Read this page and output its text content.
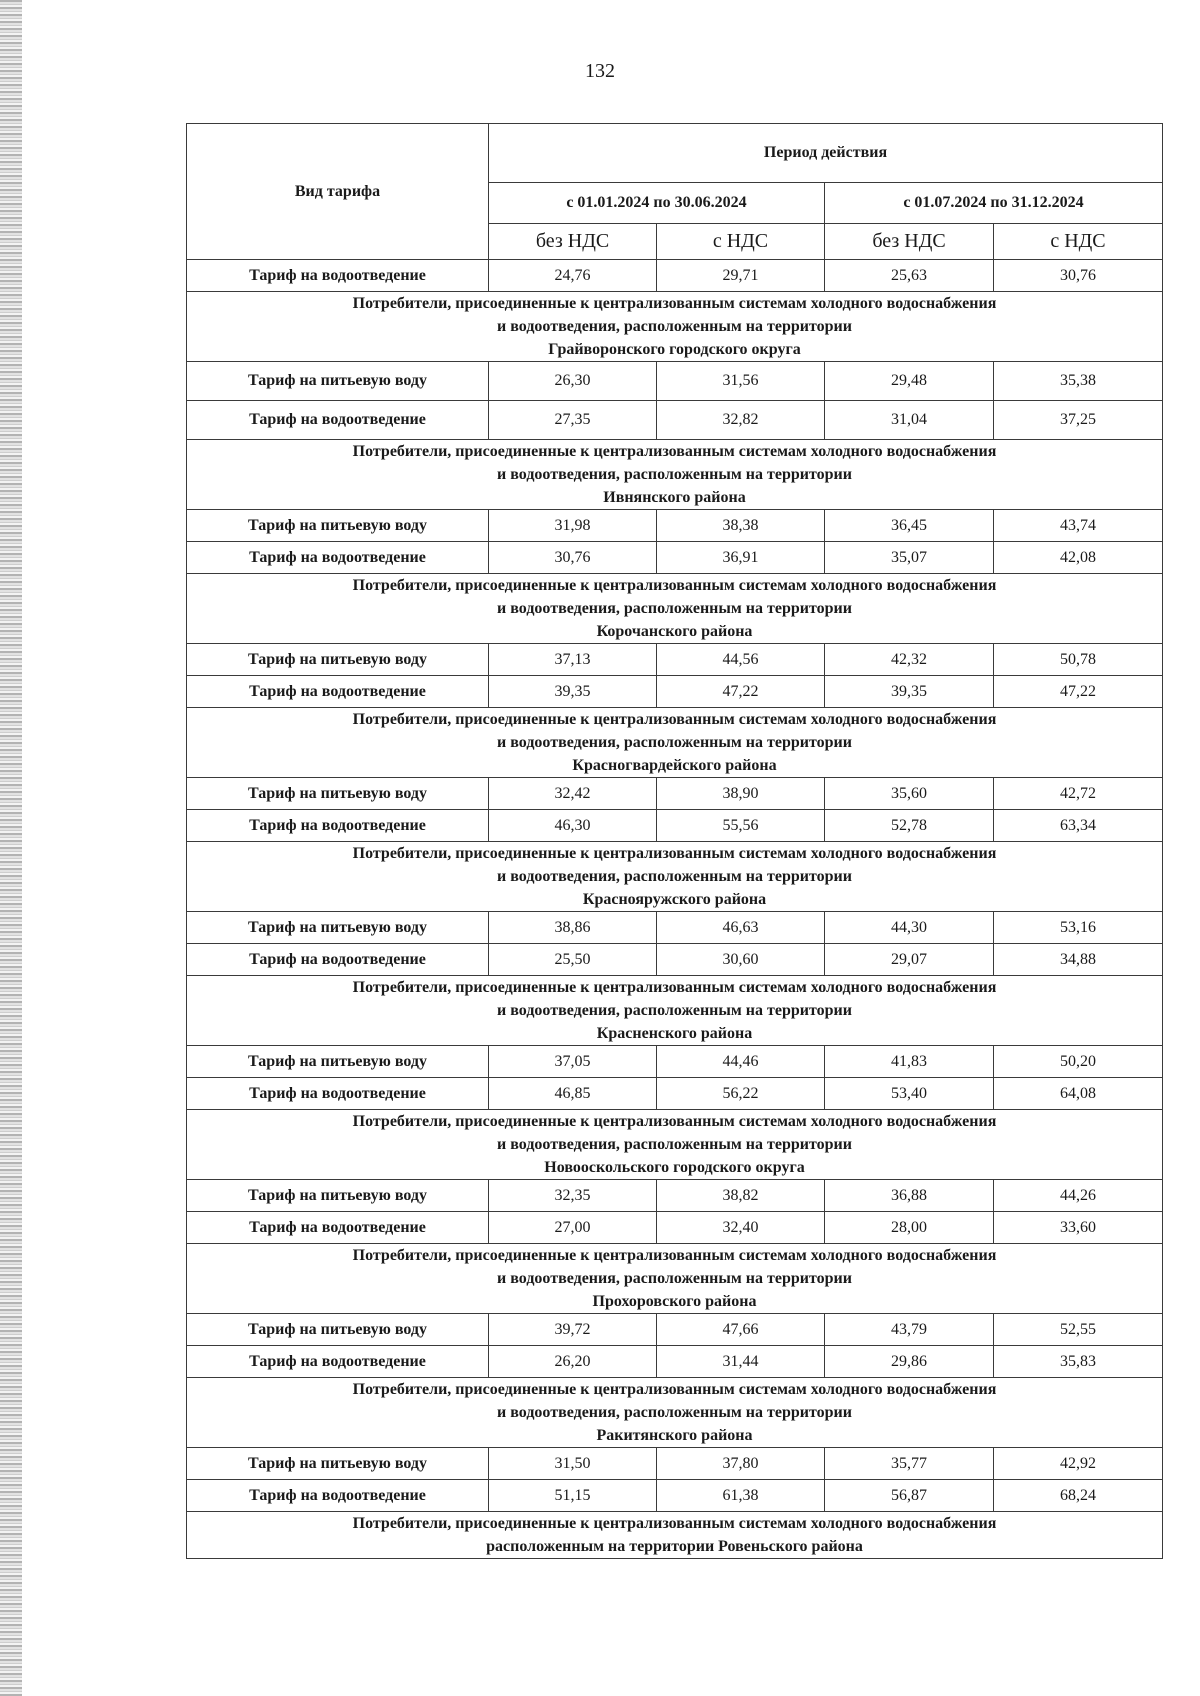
132
Вид тарифа	Период действия			
	с 01.01.2024 по 30.06.2024		с 01.07.2024 по 31.12.2024	
	без НДС	с НДС	без НДС	с НДС
Тариф на водоотведение	24,76	29,71	25,63	30,76

Потребители, присоединенные к централизованным системам холодного водоснабжения
и водоотведения, расположенным на территории
Грайворонского городского округа				

Тариф на питьевую воду	26,30	31,56	29,48	35,38
Тариф на водоотведение	27,35	32,82	31,04	37,25

Потребители, присоединенные к централизованным системам холодного водоснабжения
и водоотведения, расположенным на территории
Ивнянского района				

Тариф на питьевую воду	31,98	38,38	36,45	43,74
Тариф на водоотведение	30,76	36,91	35,07	42,08

Потребители, присоединенные к централизованным системам холодного водоснабжения
и водоотведения, расположенным на территории
Корочанского района				

Тариф на питьевую воду	37,13	44,56	42,32	50,78
Тариф на водоотведение	39,35	47,22	39,35	47,22

Потребители, присоединенные к централизованным системам холодного водоснабжения
и водоотведения, расположенным на территории
Красногвардейского района				

Тариф на питьевую воду	32,42	38,90	35,60	42,72
Тариф на водоотведение	46,30	55,56	52,78	63,34

Потребители, присоединенные к централизованным системам холодного водоснабжения
и водоотведения, расположенным на территории
Краснояружского района				

Тариф на питьевую воду	38,86	46,63	44,30	53,16
Тариф на водоотведение	25,50	30,60	29,07	34,88

Потребители, присоединенные к централизованным системам холодного водоснабжения
и водоотведения, расположенным на территории
Красненского района				

Тариф на питьевую воду	37,05	44,46	41,83	50,20
Тариф на водоотведение	46,85	56,22	53,40	64,08

Потребители, присоединенные к централизованным системам холодного водоснабжения
и водоотведения, расположенным на территории
Новооскольского городского округа				

Тариф на питьевую воду	32,35	38,82	36,88	44,26
Тариф на водоотведение	27,00	32,40	28,00	33,60

Потребители, присоединенные к централизованным системам холодного водоснабжения
и водоотведения, расположенным на территории
Прохоровского района				

Тариф на питьевую воду	39,72	47,66	43,79	52,55
Тариф на водоотведение	26,20	31,44	29,86	35,83

Потребители, присоединенные к централизованным системам холодного водоснабжения
и водоотведения, расположенным на территории
Ракитянского района				

Тариф на питьевую воду	31,50	37,80	35,77	42,92
Тариф на водоотведение	51,15	61,38	56,87	68,24

Потребители, присоединенные к централизованным системам холодного водоснабжения
расположенным на территории Ровеньского района				
